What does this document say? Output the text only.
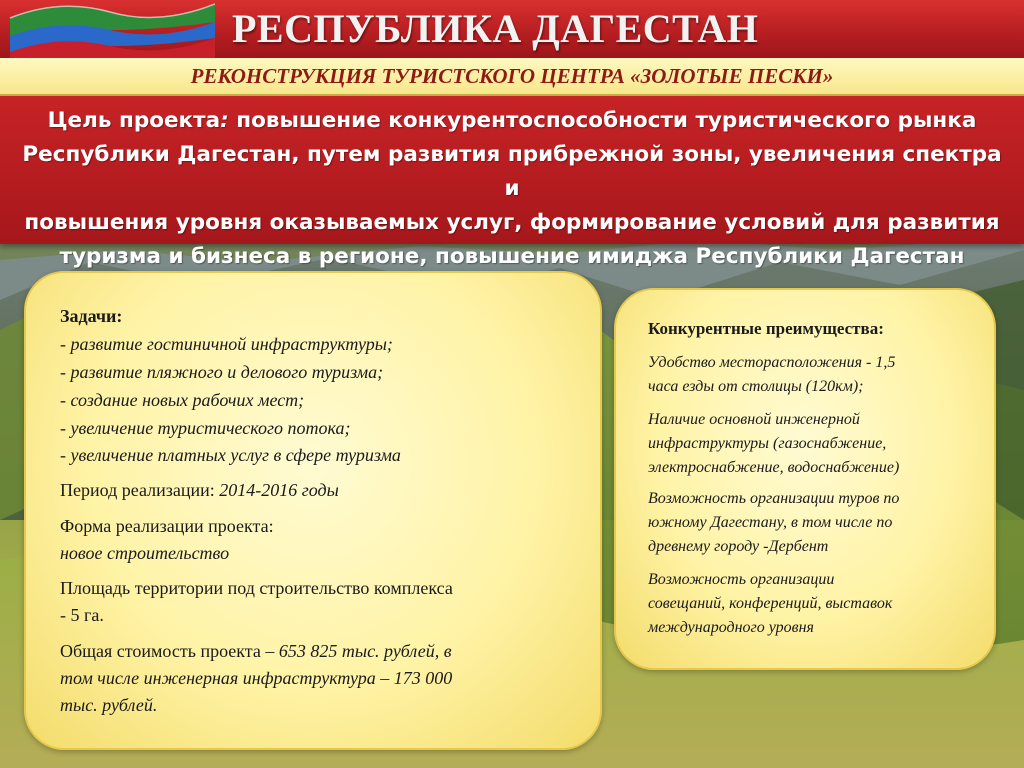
РЕСПУБЛИКА ДАГЕСТАН
РЕКОНСТРУКЦИЯ ТУРИСТСКОГО ЦЕНТРА «ЗОЛОТЫЕ ПЕСКИ»
Цель проекта: повышение конкурентоспособности туристического рынка
Республики Дагестан, путем развития прибрежной зоны, увеличения спектра и
повышения уровня оказываемых услуг, формирование условий для развития
туризма и бизнеса в регионе, повышение имиджа Республики Дагестан
Задачи:
- развитие гостиничной инфраструктуры;
- развитие пляжного и делового туризма;
- создание новых рабочих мест;
- увеличение туристического потока;
- увеличение платных услуг в сфере туризма
Период реализации: 2014-2016 годы
Форма реализации проекта:
новое строительство
Площадь территории под строительство комплекса
- 5 га.
Общая стоимость проекта – 653 825 тыс. рублей, в
том числе инженерная инфраструктура – 173 000
тыс. рублей.
Конкурентные преимущества:
Удобство месторасположения - 1,5
часа езды от столицы (120км);
Наличие основной инженерной
инфраструктуры (газоснабжение,
электроснабжение, водоснабжение)
Возможность организации туров по
южному Дагестану, в том числе по
древнему городу -Дербент
Возможность организации
совещаний, конференций, выставок
международного уровня
